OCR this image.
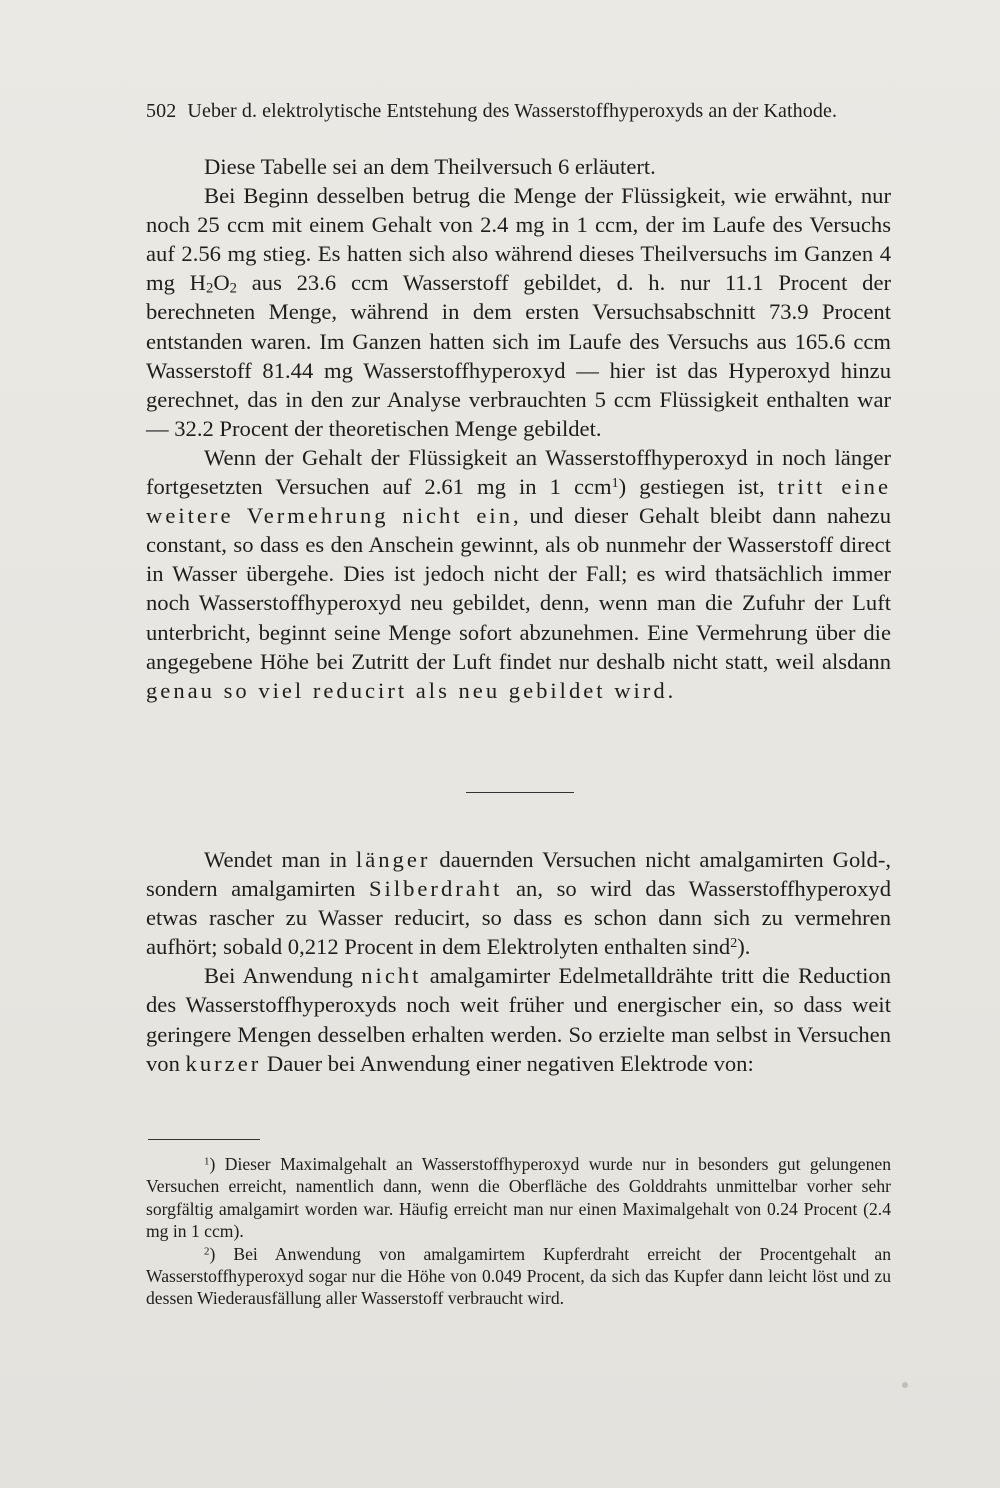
502 Ueber d. elektrolytische Entstehung des Wasserstoffhyperoxyds an der Kathode.

Diese Tabelle sei an dem Theilversuch 6 erläutert.

Bei Beginn desselben betrug die Menge der Flüssigkeit, wie erwähnt, nur noch 25 ccm mit einem Gehalt von 2.4 mg in 1 ccm, der im Laufe des Versuchs auf 2.56 mg stieg. Es hatten sich also während dieses Theilversuchs im Ganzen 4 mg $H_2O_2$ aus 23.6 ccm Wasserstoff gebildet, d. h. nur 11.1 Procent der berechneten Menge, während in dem ersten Versuchsabschnitt 73.9 Procent entstanden waren. Im Ganzen hatten sich im Laufe des Versuchs aus 165.6 ccm Wasserstoff 81.44 mg Wasserstoffhyperoxyd — hier ist das Hyperoxyd hinzu gerechnet, das in den zur Analyse verbrauchten 5 ccm Flüssigkeit enthalten war — 32.2 Procent der theoretischen Menge gebildet.

Wenn der Gehalt der Flüssigkeit an Wasserstoffhyperoxyd in noch länger fortgesetzten Versuchen auf 2.61 mg in 1 ccm$^1$) gestiegen ist, tritt eine weitere Vermehrung nicht ein, und dieser Gehalt bleibt dann nahezu constant, so dass es den Anschein gewinnt, als ob nunmehr der Wasserstoff direct in Wasser übergehe. Dies ist jedoch nicht der Fall; es wird thatsächlich immer noch Wasserstoffhyperoxyd neu gebildet, denn, wenn man die Zufuhr der Luft unterbricht, beginnt seine Menge sofort abzunehmen. Eine Vermehrung über die angegebene Höhe bei Zutritt der Luft findet nur deshalb nicht statt, weil alsdann genau so viel reducirt als neu gebildet wird.

Wendet man in länger dauernden Versuchen nicht amalgamirten Gold-, sondern amalgamirten Silberdraht an, so wird das Wasserstoffhyperoxyd etwas rascher zu Wasser reducirt, so dass es schon dann sich zu vermehren aufhört; sobald 0,212 Procent in dem Elektrolyten enthalten sind$^2$).

Bei Anwendung nicht amalgamirter Edelmetalldrähte tritt die Reduction des Wasserstoffhyperoxyds noch weit früher und energischer ein, so dass weit geringere Mengen desselben erhalten werden. So erzielte man selbst in Versuchen von kurzer Dauer bei Anwendung einer negativen Elektrode von:

$^1$) Dieser Maximalgehalt an Wasserstoffhyperoxyd wurde nur in besonders gut gelungenen Versuchen erreicht, namentlich dann, wenn die Oberfläche des Golddrahts unmittelbar vorher sehr sorgfältig amalgamirt worden war. Häufig erreicht man nur einen Maximalgehalt von 0.24 Procent (2.4 mg in 1 ccm).

$^2$) Bei Anwendung von amalgamirtem Kupferdraht erreicht der Procentgehalt an Wasserstoffhyperoxyd sogar nur die Höhe von 0.049 Procent, da sich das Kupfer dann leicht löst und zu dessen Wiederausfällung aller Wasserstoff verbraucht wird.
